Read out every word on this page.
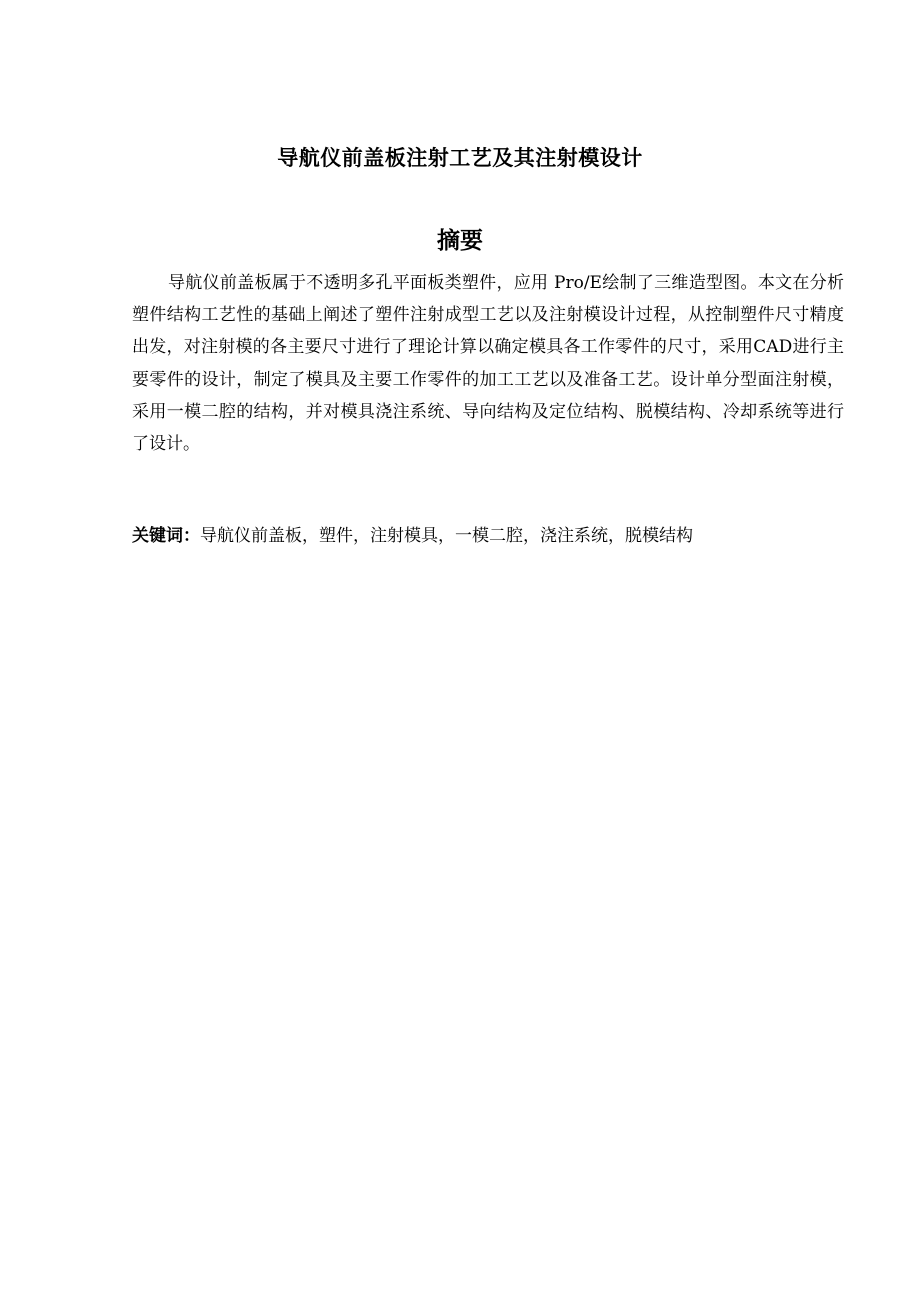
导航仪前盖板注射工艺及其注射模设计
摘要

导航仪前盖板属于不透明多孔平面板类塑件，应用 Pro/E绘制了三维造型图。本文在分析塑件结构工艺性的基础上阐述了塑件注射成型工艺以及注射模设计过程，从控制塑件尺寸精度出发，对注射模的各主要尺寸进行了理论计算以确定模具各工作零件的尺寸，采用CAD进行主要零件的设计，制定了模具及主要工作零件的加工工艺以及准备工艺。设计单分型面注射模，采用一模二腔的结构，并对模具浇注系统、导向结构及定位结构、脱模结构、冷却系统等进行了设计。

关键词：导航仪前盖板，塑件，注射模具，一模二腔，浇注系统，脱模结构
